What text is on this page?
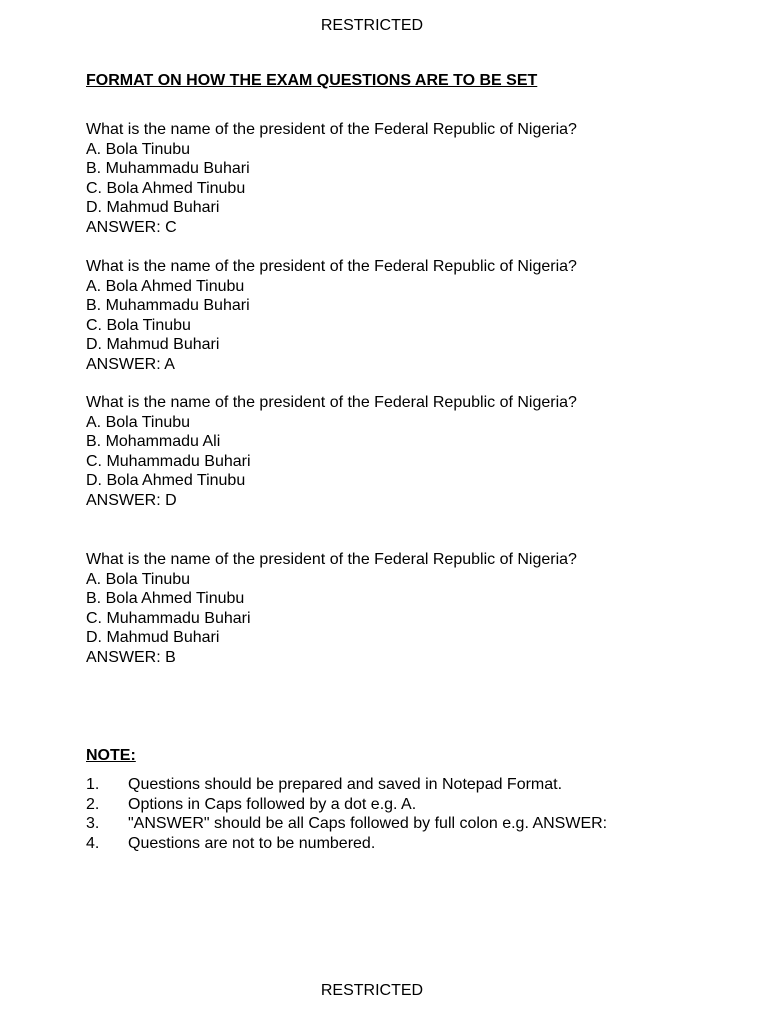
RESTRICTED
FORMAT ON HOW THE EXAM QUESTIONS ARE TO BE SET
What is the name of the president of the Federal Republic of Nigeria?
A. Bola Tinubu
B. Muhammadu Buhari
C. Bola Ahmed Tinubu
D. Mahmud Buhari
ANSWER: C
What is the name of the president of the Federal Republic of Nigeria?
A. Bola Ahmed Tinubu
B. Muhammadu Buhari
C. Bola Tinubu
D. Mahmud Buhari
ANSWER: A
What is the name of the president of the Federal Republic of Nigeria?
A. Bola Tinubu
B. Mohammadu Ali
C. Muhammadu Buhari
D. Bola Ahmed Tinubu
ANSWER: D
What is the name of the president of the Federal Republic of Nigeria?
A. Bola Tinubu
B. Bola Ahmed Tinubu
C. Muhammadu Buhari
D. Mahmud Buhari
ANSWER: B
NOTE:
1.	Questions should be prepared and saved in Notepad Format.
2.	Options in Caps followed by a dot e.g. A.
3.	"ANSWER" should be all Caps followed by full colon e.g. ANSWER:
4.	Questions are not to be numbered.
RESTRICTED
